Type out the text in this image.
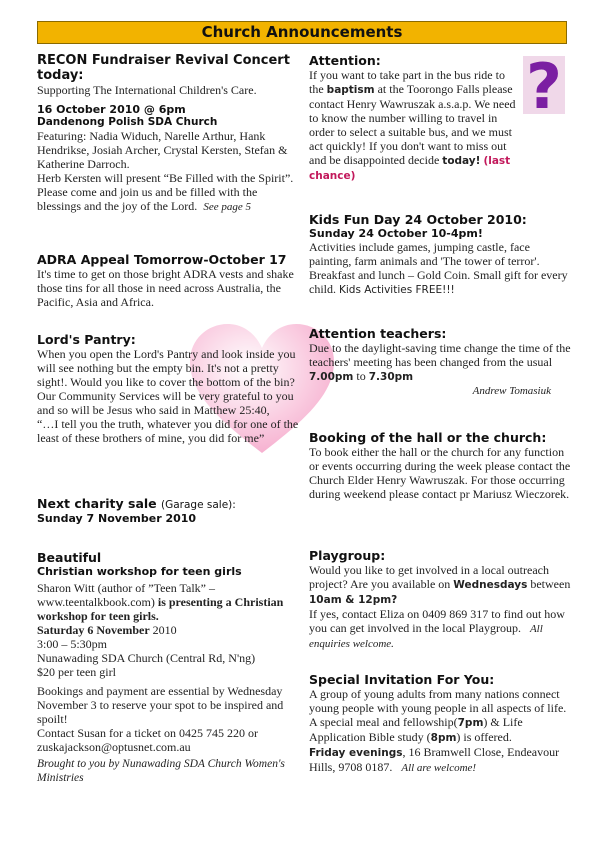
Church Announcements
RECON Fundraiser Revival Concert today:

Supporting The International Children's Care.

16 October 2010 @ 6pm
Dandenong Polish SDA Church

Featuring: Nadia Widuch, Narelle Arthur, Hank Hendrikse, Josiah Archer, Crystal Kersten, Stefan & Katherine Darroch.

Herb Kersten will present “Be Filled with the Spirit”.

Please come and join us and be filled with the blessings and the joy of the Lord. See page 5

ADRA Appeal Tomorrow-October 17

It's time to get on those bright ADRA vests and shake those tins for all those in need across Australia, the Pacific, Asia and Africa.

Lord's Pantry:

When you open the Lord's Pantry and look inside you will see nothing but the empty bin. It's not a pretty sight!. Would you like to cover the bottom of the bin? Our Community Services will be very grateful to you and so will be Jesus who said in Matthew 25:40,

“…I tell you the truth, whatever you did for one of the least of these brothers of mine, you did for me”

Next charity sale (Garage sale):
Sunday 7 November 2010
Beautiful
Christian workshop for teen girls

Sharon Witt (author of ”Teen Talk” – www.teentalkbook.com) is presenting a Christian workshop for teen girls.

Saturday 6 November 2010

3:00 – 5:30pm

Nunawading SDA Church (Central Rd, N'ng)

$20 per teen girl

Bookings and payment are essential by Wednesday November 3 to reserve your spot to be inspired and spoilt!

Contact Susan for a ticket on 0425 745 220 or zuskajackson@optusnet.com.au

Brought to you by Nunawading SDA Church Women's Ministries

?
Attention:

If you want to take part in the bus ride to the baptism at the Toorongo Falls please contact Henry Wawruszak a.s.a.p. We need to know the number willing to travel in order to select a suitable bus, and we must act quickly! If you don't want to miss out and be disappointed decide today! (last chance)

Kids Fun Day 24 October 2010:
Sunday 24 October 10-4pm!

Activities include games, jumping castle, face painting, farm animals and 'The tower of terror'. Breakfast and lunch – Gold Coin. Small gift for every child. Kids Activities FREE!!!

Attention teachers:

Due to the daylight-saving time change the time of the teachers' meeting has been changed from the usual 7.00pm to 7.30pm

Andrew Tomasiuk

Booking of the hall or the church:

To book either the hall or the church for any function or events occurring during the week please contact the Church Elder Henry Wawruszak. For those occurring during weekend please contact pr Mariusz Wieczorek.

Playgroup:

Would you like to get involved in a local outreach project? Are you available on Wednesdays between 10am & 12pm?

If yes, contact Eliza on 0409 869 317 to find out how you can get involved in the local Playgroup. All enquiries welcome.

Special Invitation For You:

A group of young adults from many nations connect young people with young people in all aspects of life.

A special meal and fellowship(7pm) & Life Application Bible study (8pm) is offered.

Friday evenings, 16 Bramwell Close, Endeavour Hills, 9708 0187. All are welcome!
